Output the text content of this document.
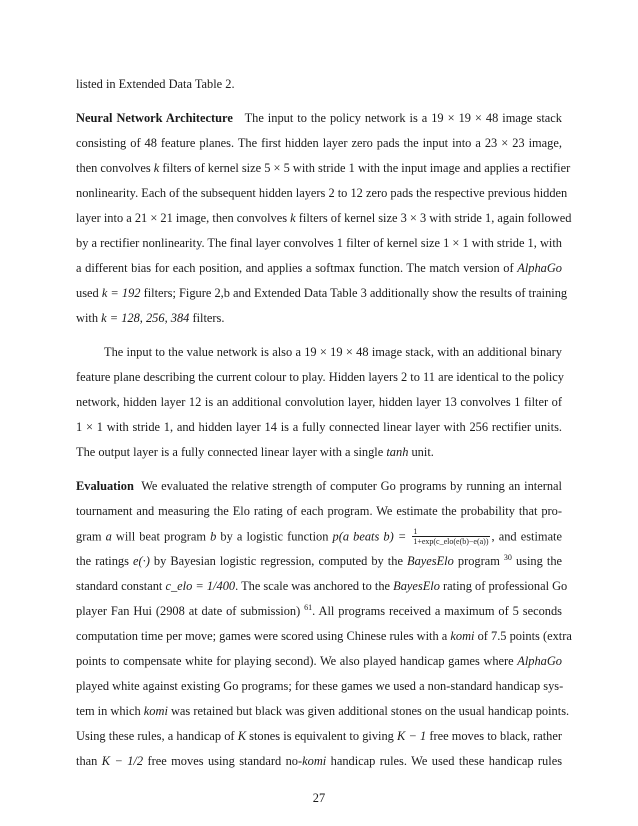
listed in Extended Data Table 2.
Neural Network Architecture The input to the policy network is a 19 × 19 × 48 image stack
consisting of 48 feature planes. The first hidden layer zero pads the input into a 23 × 23 image,
then convolves k filters of kernel size 5 × 5 with stride 1 with the input image and applies a rectifier
nonlinearity. Each of the subsequent hidden layers 2 to 12 zero pads the respective previous hidden
layer into a 21 × 21 image, then convolves k filters of kernel size 3 × 3 with stride 1, again followed
by a rectifier nonlinearity. The final layer convolves 1 filter of kernel size 1 × 1 with stride 1, with
a different bias for each position, and applies a softmax function. The match version of AlphaGo
used k = 192 filters; Figure 2,b and Extended Data Table 3 additionally show the results of training
with k = 128, 256, 384 filters.
The input to the value network is also a 19 × 19 × 48 image stack, with an additional binary
feature plane describing the current colour to play. Hidden layers 2 to 11 are identical to the policy
network, hidden layer 12 is an additional convolution layer, hidden layer 13 convolves 1 filter of
1 × 1 with stride 1, and hidden layer 14 is a fully connected linear layer with 256 rectifier units.
The output layer is a fully connected linear layer with a single tanh unit.
Evaluation We evaluated the relative strength of computer Go programs by running an internal
tournament and measuring the Elo rating of each program. We estimate the probability that pro-
gram a will beat program b by a logistic function p(a beats $b) = \frac{1}{\text{1+exp(c\_elo(e(b)−e(a))}}$ , and estimate
the ratings e(·) by Bayesian logistic regression, computed by the BayesElo program $^{30}$ using the
standard constant c_elo = 1/400. The scale was anchored to the BayesElo rating of professional Go
player Fan Hui (2908 at date of submission) $^{61}$. All programs received a maximum of 5 seconds
computation time per move; games were scored using Chinese rules with a komi of 7.5 points (extra
points to compensate white for playing second). We also played handicap games where AlphaGo
played white against existing Go programs; for these games we used a non-standard handicap sys-
tem in which komi was retained but black was given additional stones on the usual handicap points.
Using these rules, a handicap of K stones is equivalent to giving K − 1 free moves to black, rather
than K − 1/2 free moves using standard no-komi handicap rules. We used these handicap rules
27
